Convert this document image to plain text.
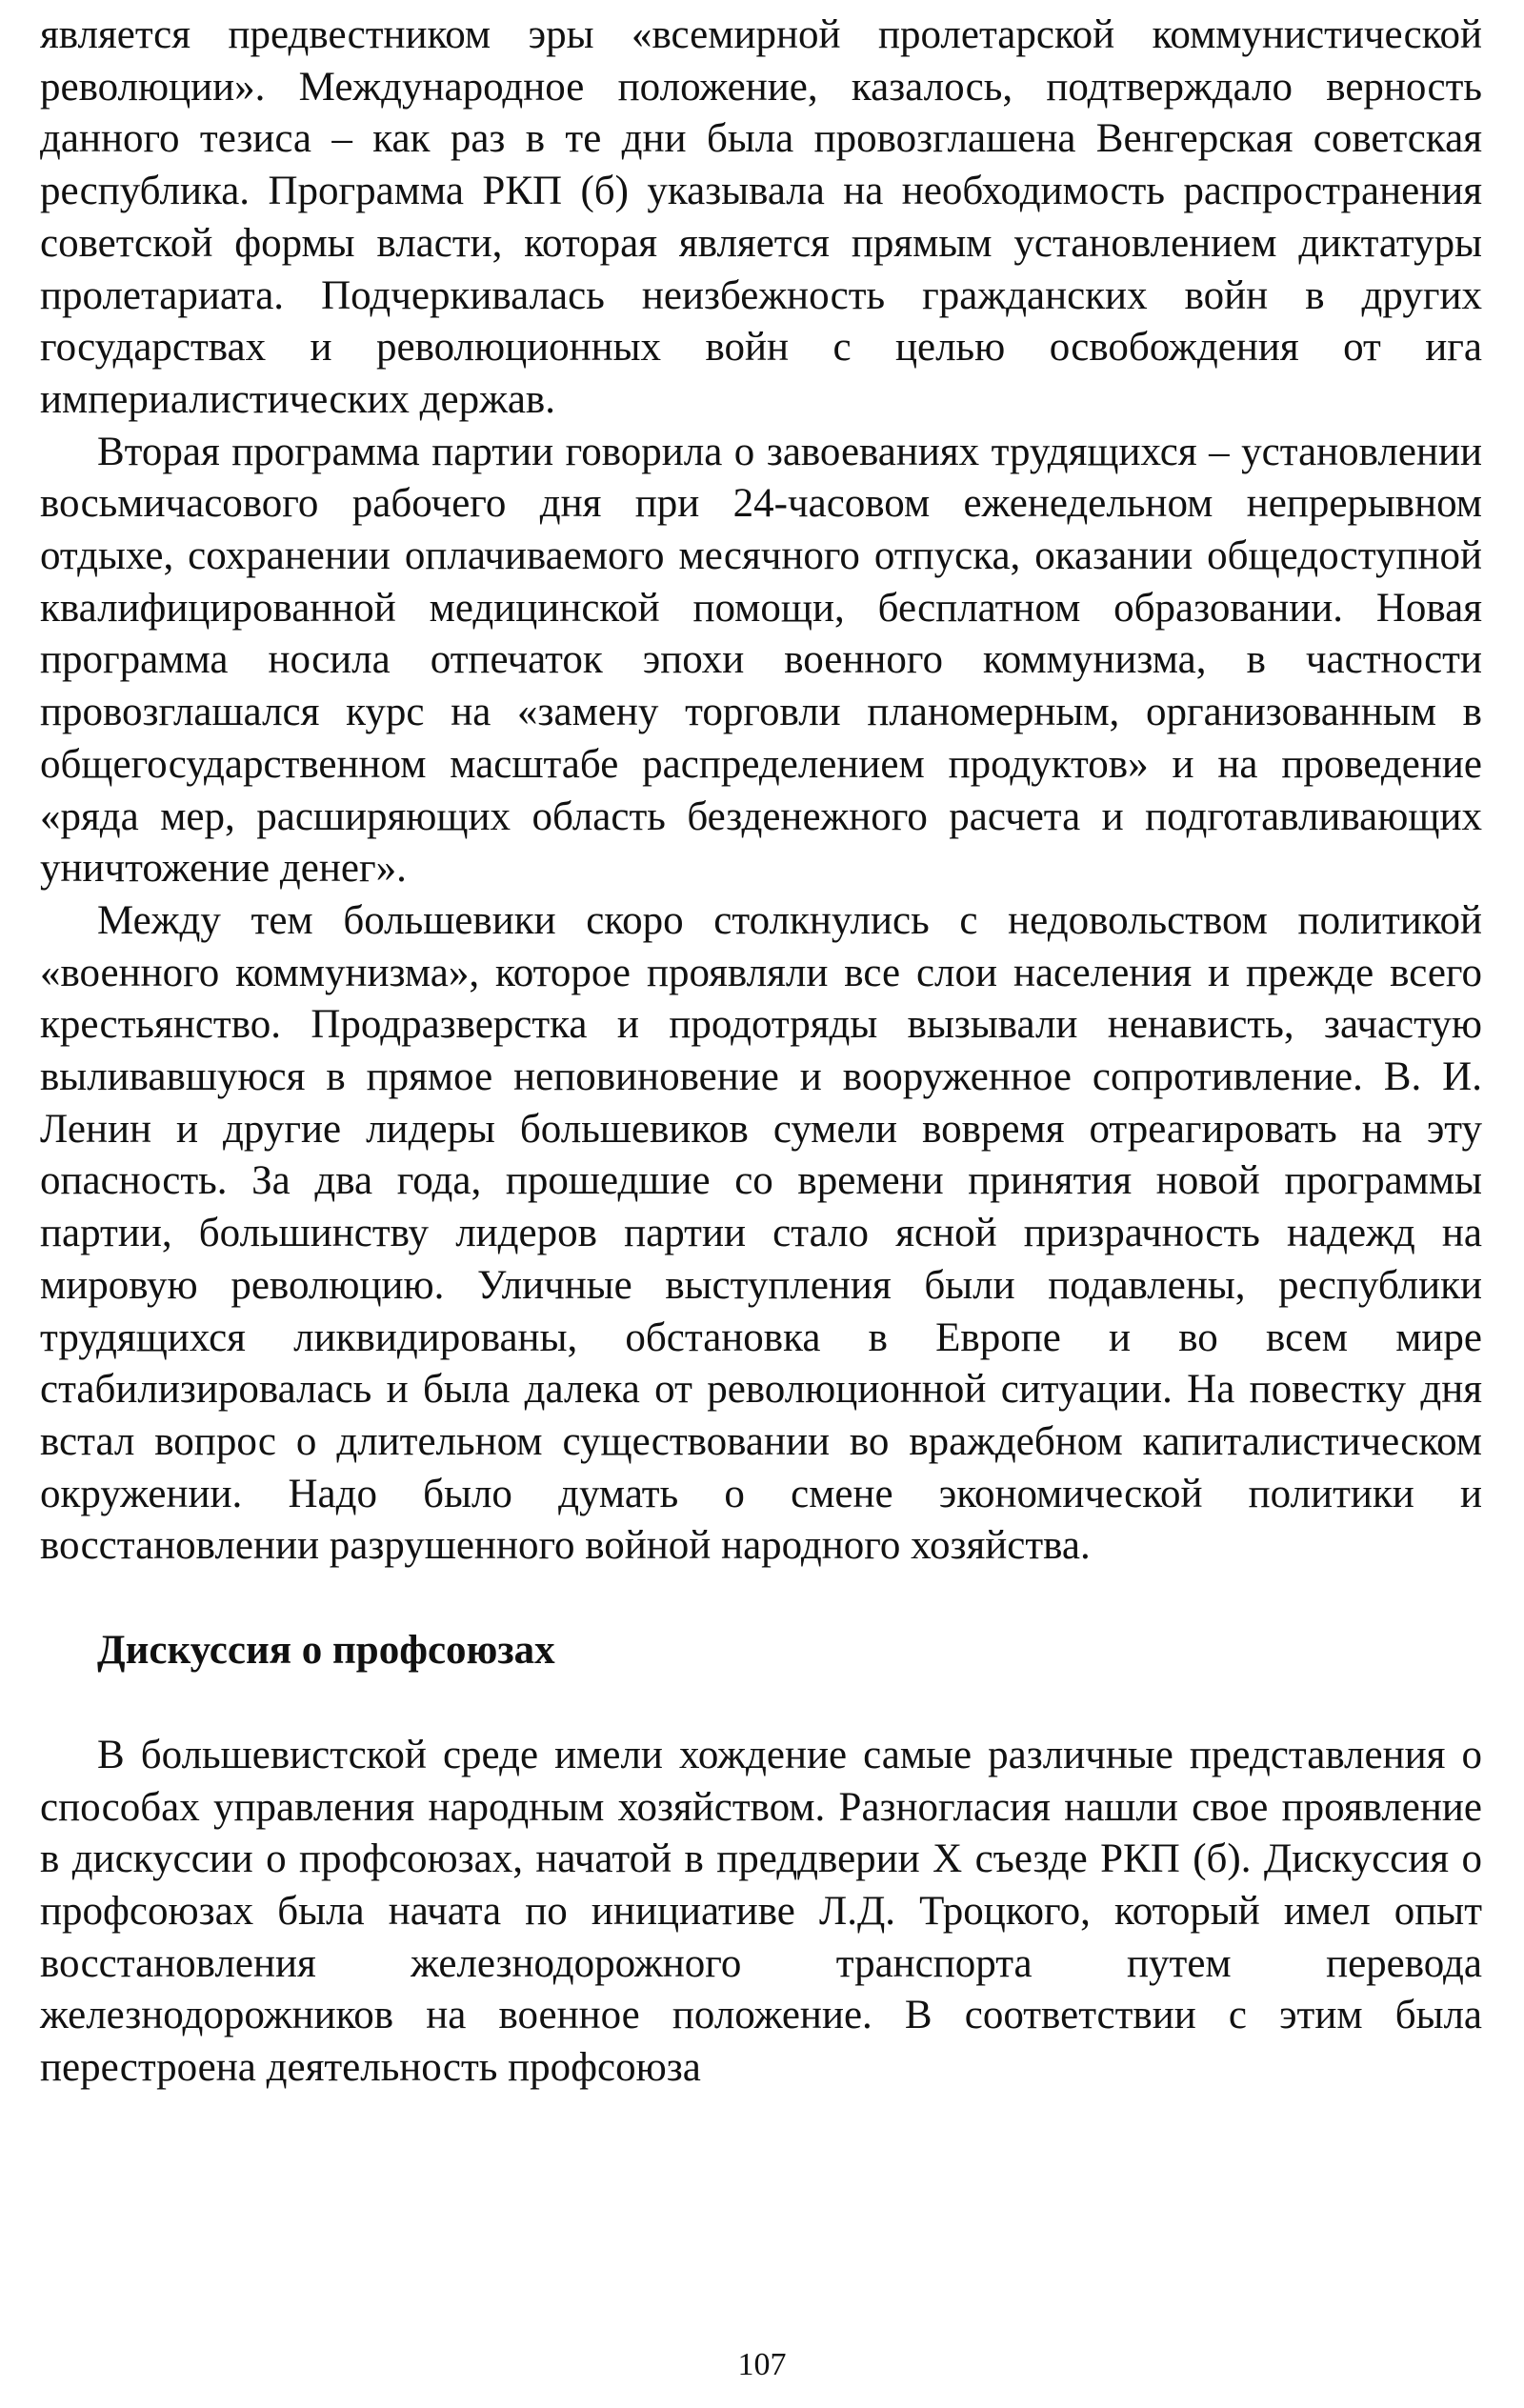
является предвестником эры «всемирной пролетарской коммунистической революции». Международное положение, казалось, подтверждало верность данного тезиса – как раз в те дни была провозглашена Венгерская советская республика. Программа РКП (б) указывала на необходимость распространения советской формы власти, которая является прямым установлением диктатуры пролетариата. Подчеркивалась неизбежность гражданских войн в других государствах и революционных войн с целью освобождения от ига империалистических держав.

Вторая программа партии говорила о завоеваниях трудящихся – установлении восьмичасового рабочего дня при 24-часовом еженедельном непрерывном отдыхе, сохранении оплачиваемого месячного отпуска, оказании общедоступной квалифицированной медицинской помощи, бесплатном образовании. Новая программа носила отпечаток эпохи военного коммунизма, в частности провозглашался курс на «замену торговли планомерным, организованным в общегосударственном масштабе распределением продуктов» и на проведение «ряда мер, расширяющих область безденежного расчета и подготавливающих уничтожение денег».

Между тем большевики скоро столкнулись с недовольством политикой «военного коммунизма», которое проявляли все слои населения и прежде всего крестьянство. Продразверстка и продотряды вызывали ненависть, зачастую выливавшуюся в прямое неповиновение и вооруженное сопротивление. В. И. Ленин и другие лидеры большевиков сумели вовремя отреагировать на эту опасность. За два года, прошедшие со времени принятия новой программы партии, большинству лидеров партии стало ясной призрачность надежд на мировую революцию. Уличные выступления были подавлены, республики трудящихся ликвидированы, обстановка в Европе и во всем мире стабилизировалась и была далека от революционной ситуации. На повестку дня встал вопрос о длительном существовании во враждебном капиталистическом окружении. Надо было думать о смене экономической политики и восстановлении разрушенного войной народного хозяйства.

Дискуссия о профсоюзах

В большевистской среде имели хождение самые различные представления о способах управления народным хозяйством. Разногласия нашли свое проявление в дискуссии о профсоюзах, начатой в преддверии X съезде РКП (б). Дискуссия о профсоюзах была начата по инициативе Л.Д. Троцкого, который имел опыт восстановления железнодорожного транспорта путем перевода железнодорожников на военное положение. В соответствии с этим была перестроена деятельность профсоюза

107
